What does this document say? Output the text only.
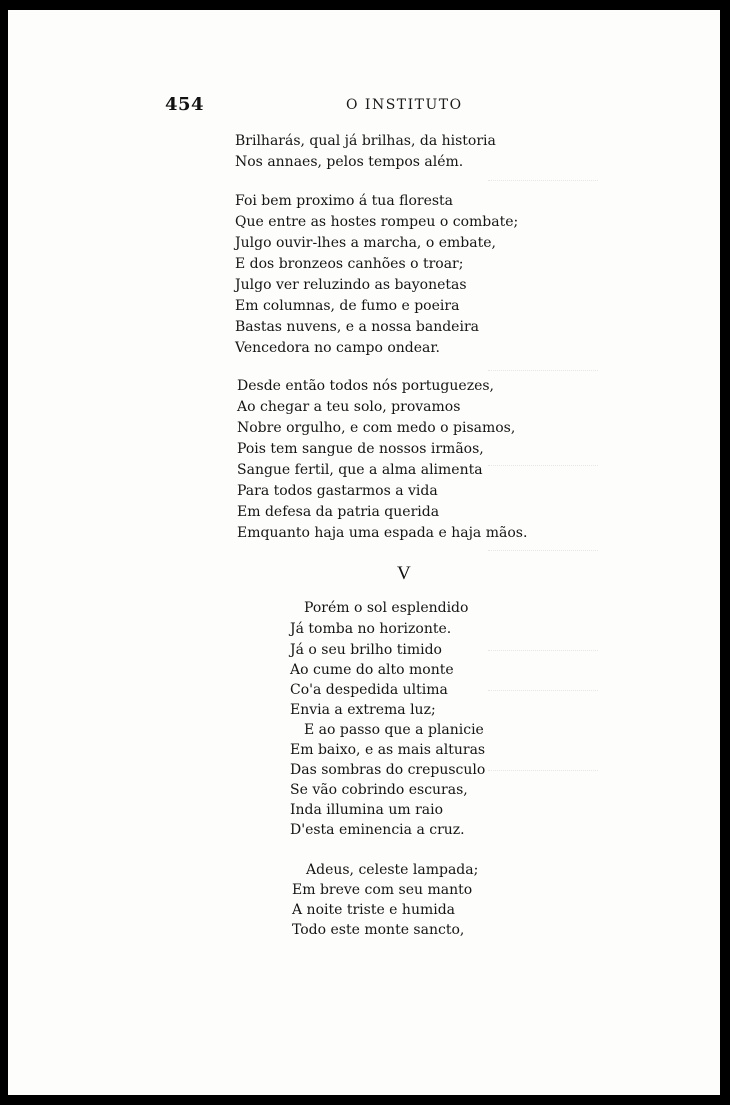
454	O INSTITUTO
Brilharás, qual já brilhas, da historia
Nos annaes, pelos tempos além.
Foi bem proximo á tua floresta
Que entre as hostes rompeu o combate;
Julgo ouvir-lhes a marcha, o embate,
E dos bronzeos canhões o troar;
Julgo ver reluzindo as bayonetas
Em columnas, de fumo e poeira
Bastas nuvens, e a nossa bandeira
Vencedora no campo ondear.
Desde então todos nós portuguezes,
Ao chegar a teu solo, provamos
Nobre orgulho, e com medo o pisamos,
Pois tem sangue de nossos irmãos,
Sangue fertil, que a alma alimenta
Para todos gastarmos a vida
Em defesa da patria querida
Emquanto haja uma espada e haja mãos.
V
Porém o sol esplendido
Já tomba no horizonte.
Já o seu brilho timido
Ao cume do alto monte
Co'a despedida ultima
Envia a extrema luz;
E ao passo que a planicie
Em baixo, e as mais alturas
Das sombras do crepusculo
Se vão cobrindo escuras,
Inda illumina um raio
D'esta eminencia a cruz.
Adeus, celeste lampada;
Em breve com seu manto
A noite triste e humida
Todo este monte sancto,
